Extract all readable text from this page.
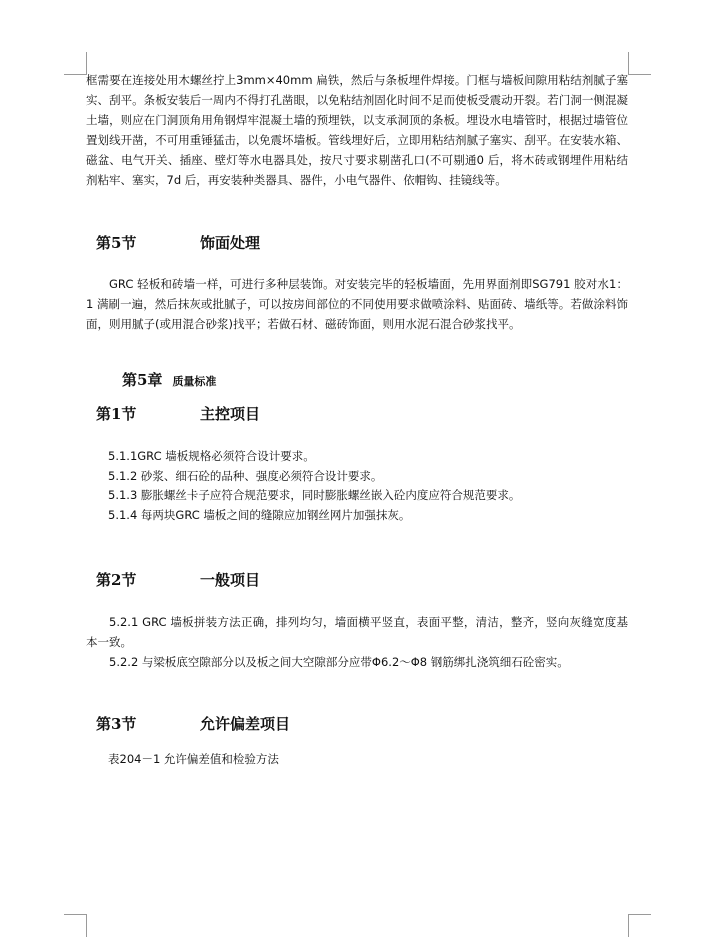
框需要在连接处用木螺丝拧上3mm×40mm 扁铁，然后与条板埋件焊接。门框与墙板间隙用粘结剂腻子塞实、刮平。条板安装后一周内不得打孔凿眼，以免粘结剂固化时间不足而使板受震动开裂。若门洞一侧混凝土墙，则应在门洞顶角用角钢焊牢混凝土墙的预埋铁，以支承洞顶的条板。埋设水电墙管时，根据过墙管位置划线开凿，不可用重锤猛击，以免震坏墙板。管线埋好后，立即用粘结剂腻子塞实、刮平。在安装水箱、磁盆、电气开关、插座、壁灯等水电器具处，按尺寸要求剔凿孔口(不可剔通0 后，将木砖或钢埋件用粘结剂粘牢、塞实，7d 后，再安装种类器具、器件，小电气器件、依帽钩、挂镜线等。

第5节	饰面处理

GRC 轻板和砖墙一样，可进行多种层装饰。对安装完毕的轻板墙面，先用界面剂即SG791 胶对水1：1 满刷一遍，然后抹灰或批腻子，可以按房间部位的不同使用要求做喷涂料、贴面砖、墙纸等。若做涂料饰面，则用腻子(或用混合砂浆)找平；若做石材、磁砖饰面，则用水泥石混合砂浆找平。

第5章 质量标准
第1节	主控项目

5.1.1GRC 墙板规格必须符合设计要求。

5.1.2 砂浆、细石砼的品种、强度必须符合设计要求。

5.1.3 膨胀螺丝卡子应符合规范要求，同时膨胀螺丝嵌入砼内度应符合规范要求。

5.1.4 每两块GRC 墙板之间的缝隙应加钢丝网片加强抹灰。

第2节	一般项目

5.2.1 GRC 墙板拼装方法正确，排列均匀，墙面横平竖直，表面平整，清洁，整齐，竖向灰缝宽度基本一致。

5.2.2 与梁板底空隙部分以及板之间大空隙部分应带Φ6.2～Φ8 钢筋绑扎浇筑细石砼密实。

第3节	允许偏差项目

表204－1 允许偏差值和检验方法
